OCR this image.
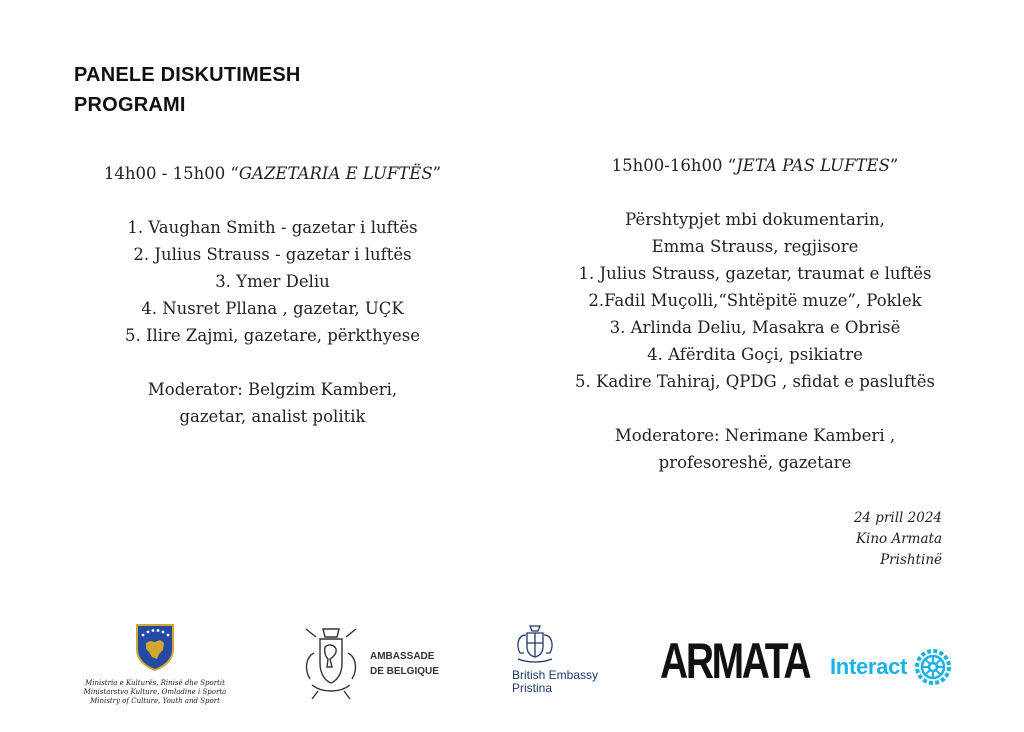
PANELE DISKUTIMESH
PROGRAMI
14h00 - 15h00 “GAZETARIA E LUFTËS”
1. Vaughan Smith - gazetar i luftës
2. Julius Strauss - gazetar i luftës
3. Ymer Deliu
4. Nusret Pllana , gazetar, UÇK
5. Ilire Zajmi, gazetare, përkthyese
Moderator: Belgzim Kamberi,
gazetar, analist politik
15h00-16h00 “JETA PAS LUFTES”
Përshtypjet mbi dokumentarin,
Emma Strauss, regjisore
1. Julius Strauss, gazetar, traumat e luftës
2.Fadil Muçolli,“Shtëpitë muze”, Poklek
3. Arlinda Deliu, Masakra e Obrisë
4. Afërdita Goçi, psikiatre
5. Kadire Tahiraj, QPDG , sfidat e pasluftës
Moderatore: Nerimane Kamberi ,
profesoreshë, gazetare
24 prill 2024
Kino Armata
Prishtinë
Ministria e Kulturës, Rinisë dhe Sportit
Ministarstvo Kulture, Omladine i Sporta
Ministry of Culture, Youth and Sport
AMBASSADE
DE BELGIQUE	British Embassy
Pristina	ARMATA Interact
